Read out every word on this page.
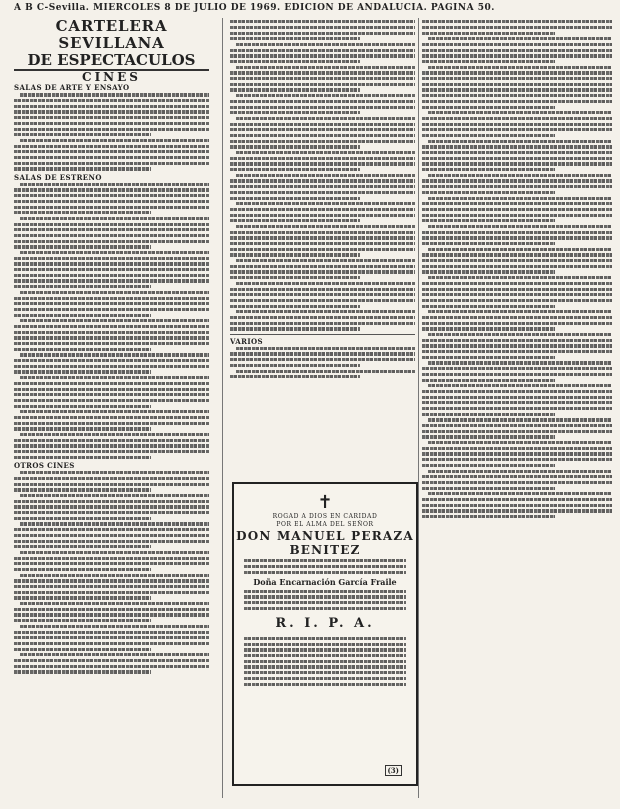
A B C-Sevilla. MIERCOLES 8 DE JULIO DE 1969. EDICION DE ANDALUCIA. PAGINA 50.
CARTELERA SEVILLANA
DE ESPECTACULOS
CINES
SALAS DE ARTE Y ENSAYO
SALAS DE ESTRENO
OTROS CINES
VARIOS
✝
ROGAD A DIOS EN CARIDAD
POR EL ALMA DEL SEÑOR
DON MANUEL PERAZA
BENITEZ
Doña Encarnación García Fraile
R. I. P. A.
(3)
